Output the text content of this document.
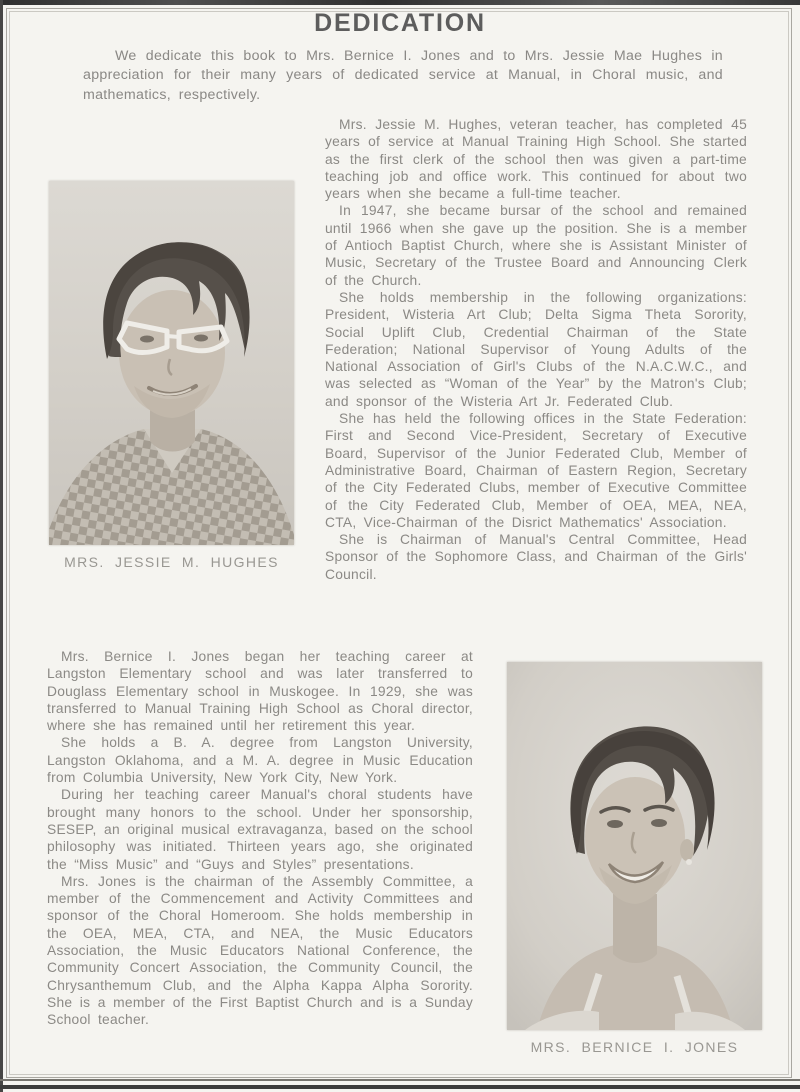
DEDICATION

We dedicate this book to Mrs. Bernice I. Jones and to Mrs. Jessie Mae Hughes in appreciation for their many years of dedicated service at Manual, in Choral music, and mathematics, respectively.

MRS. JESSIE M. HUGHES

Mrs. Jessie M. Hughes, veteran teacher, has completed 45 years of service at Manual Training High School. She started as the first clerk of the school then was given a part-time teaching job and office work. This continued for about two years when she became a full-time teacher.

In 1947, she became bursar of the school and remained until 1966 when she gave up the position. She is a member of Antioch Baptist Church, where she is Assistant Minister of Music, Secretary of the Trustee Board and Announcing Clerk of the Church.

She holds membership in the following organizations: President, Wisteria Art Club; Delta Sigma Theta Sorority, Social Uplift Club, Credential Chairman of the State Federation; National Supervisor of Young Adults of the National Association of Girl's Clubs of the N.A.C.W.C., and was selected as “Woman of the Year” by the Matron's Club; and sponsor of the Wisteria Art Jr. Federated Club.

She has held the following offices in the State Federation: First and Second Vice-President, Secretary of Executive Board, Supervisor of the Junior Federated Club, Member of Administrative Board, Chairman of Eastern Region, Secretary of the City Federated Clubs, member of Executive Committee of the City Federated Club, Member of OEA, MEA, NEA, CTA, Vice-Chairman of the Disrict Mathematics' Association.

She is Chairman of Manual's Central Committee, Head Sponsor of the Sophomore Class, and Chairman of the Girls' Council.

Mrs. Bernice I. Jones began her teaching career at Langston Elementary school and was later transferred to Douglass Elementary school in Muskogee. In 1929, she was transferred to Manual Training High School as Choral director, where she has remained until her retirement this year.

She holds a B. A. degree from Langston University, Langston Oklahoma, and a M. A. degree in Music Education from Columbia University, New York City, New York.

During her teaching career Manual's choral students have brought many honors to the school. Under her sponsorship, SESEP, an original musical extravaganza, based on the school philosophy was initiated. Thirteen years ago, she originated the “Miss Music” and “Guys and Styles” presentations.

Mrs. Jones is the chairman of the Assembly Committee, a member of the Commencement and Activity Committees and sponsor of the Choral Homeroom. She holds membership in the OEA, MEA, CTA, and NEA, the Music Educators Association, the Music Educators National Conference, the Community Concert Association, the Community Council, the Chrysanthemum Club, and the Alpha Kappa Alpha Sorority. She is a member of the First Baptist Church and is a Sunday School teacher.

MRS. BERNICE I. JONES
